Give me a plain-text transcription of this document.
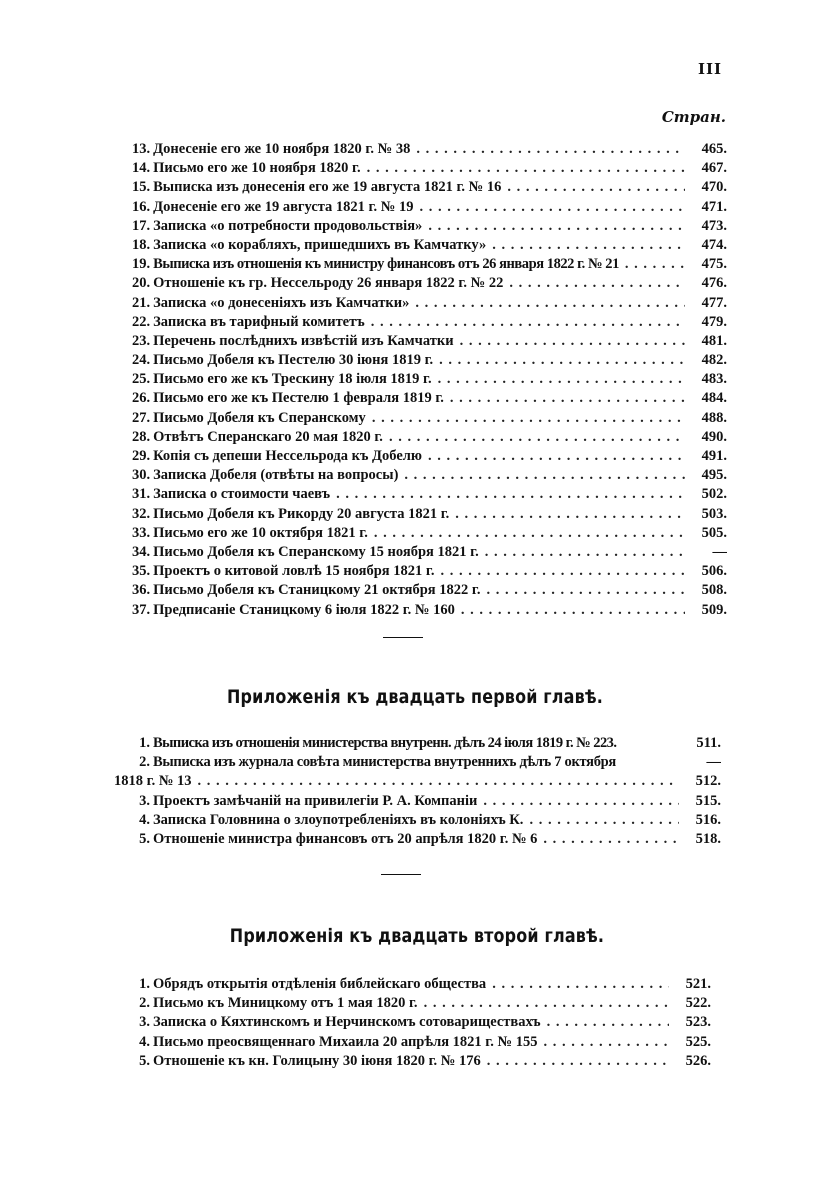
III
Стран.
13. Донесеніе его же 10 ноября 1820 г. № 38 . . .	465.
14. Письмо его же 10 ноября 1820 г. . . .	467.
15. Выписка изъ донесенія его же 19 августа 1821 г. № 16 . . .	470.
16. Донесеніе его же 19 августа 1821 г. № 19 . . .	471.
17. Записка «о потребности продовольствія» . . .	473.
18. Записка «о корабляхъ, пришедшихъ въ Камчатку» . . .	474.
19. Выписка изъ отношенія къ министру финансовъ отъ 26 января 1822 г. № 21 . . .	475.
20. Отношеніе къ гр. Нессельроду 26 января 1822 г. № 22 . . .	476.
21. Записка «о донесеніяхъ изъ Камчатки» . . .	477.
22. Записка въ тарифный комитетъ . . .	479.
23. Перечень послѣднихъ извѣстій изъ Камчатки . . .	481.
24. Письмо Добеля къ Пестелю 30 іюня 1819 г. . . .	482.
25. Письмо его же къ Трескину 18 іюля 1819 г. . . .	483.
26. Письмо его же къ Пестелю 1 февраля 1819 г. . . .	484.
27. Письмо Добеля къ Сперанскому . . .	488.
28. Отвѣтъ Сперанскаго 20 мая 1820 г. . . .	490.
29. Копія съ депеши Нессельрода къ Добелю . . .	491.
30. Записка Добеля (отвѣты на вопросы) . . .	495.
31. Записка о стоимости чаевъ . . .	502.
32. Письмо Добеля къ Рикорду 20 августа 1821 г. . . .	503.
33. Письмо его же 10 октября 1821 г. . . .	505.
34. Письмо Добеля къ Сперанскому 15 ноября 1821 г. . . .	—
35. Проектъ о китовой ловлѣ 15 ноября 1821 г. . . .	506.
36. Письмо Добеля къ Станицкому 21 октября 1822 г. . . .	508.
37. Предписаніе Станицкому 6 іюля 1822 г. № 160 . . .	509.
Приложенія къ двадцать первой главѣ.
1. Выписка изъ отношенія министерства внутренн. дѣлъ 24 іюля 1819 г. № 223.	511.
2. Выписка изъ журнала совѣта министерства внутреннихъ дѣлъ 7 октября	—
1818 г. № 13 . . .	512.
3. Проектъ замѣчаній на привилегіи Р. А. Компаніи . . .	515.
4. Записка Головнина о злоупотребленіяхъ въ колоніяхъ К. . . .	516.
5. Отношеніе министра финансовъ отъ 20 апрѣля 1820 г. № 6 . . .	518.
Приложенія къ двадцать второй главѣ.
1. Обрядъ открытія отдѣленія библейскаго общества . . .	521.
2. Письмо къ Миницкому отъ 1 мая 1820 г. . . .	522.
3. Записка о Кяхтинскомъ и Нерчинскомъ сотовариществахъ . . .	523.
4. Письмо преосвященнаго Михаила 20 апрѣля 1821 г. № 155 . . .	525.
5. Отношеніе къ кн. Голицыну 30 іюня 1820 г. № 176 . . .	526.
